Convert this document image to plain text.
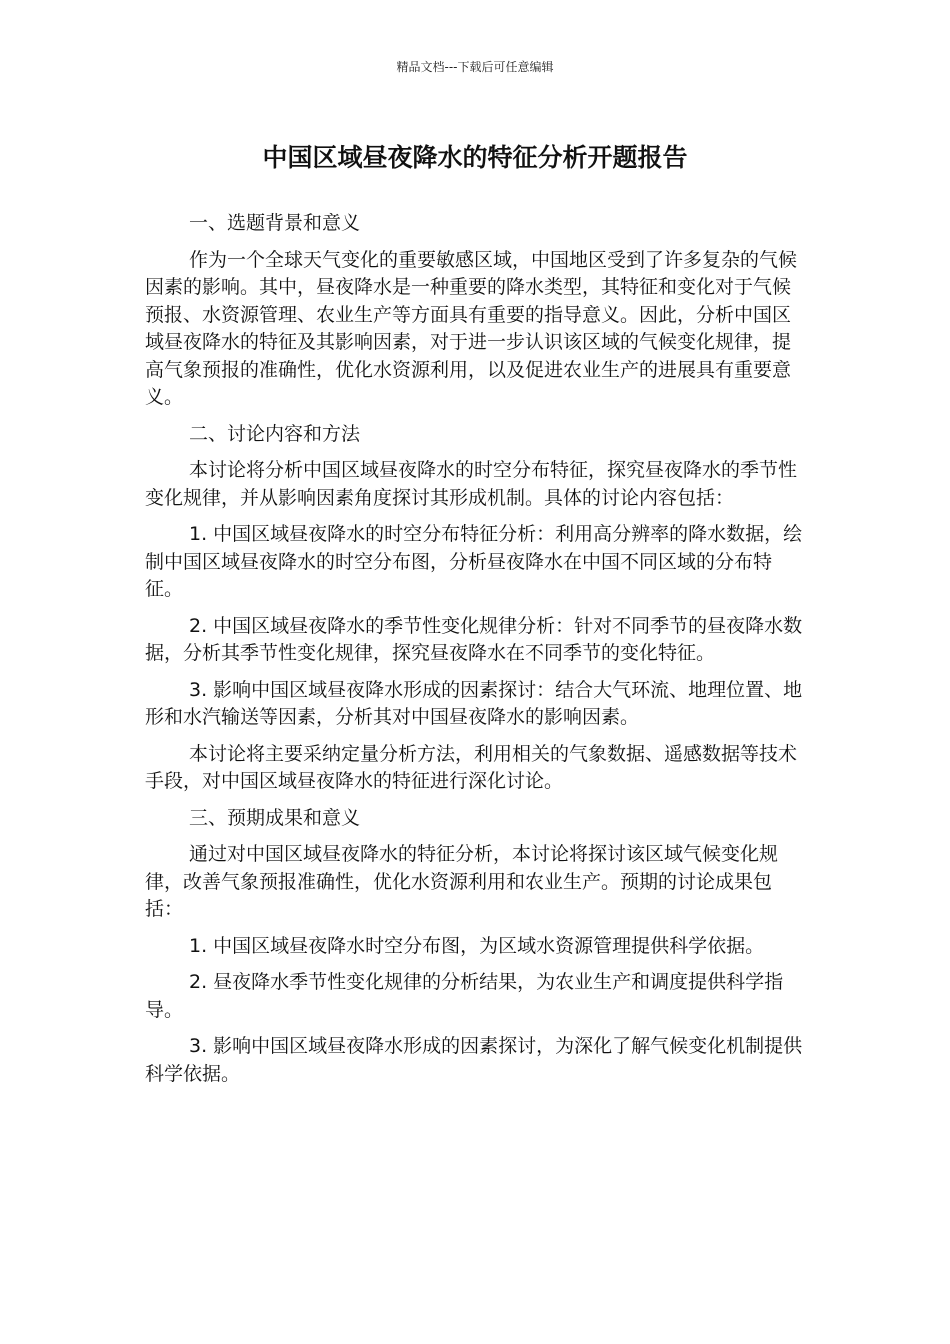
精品文档---下载后可任意编辑
中国区域昼夜降水的特征分析开题报告
一、选题背景和意义
作为一个全球天气变化的重要敏感区域，中国地区受到了许多复杂的气候因素的影响。其中，昼夜降水是一种重要的降水类型，其特征和变化对于气候预报、水资源管理、农业生产等方面具有重要的指导意义。因此，分析中国区域昼夜降水的特征及其影响因素，对于进一步认识该区域的气候变化规律，提高气象预报的准确性，优化水资源利用，以及促进农业生产的进展具有重要意义。
二、讨论内容和方法
本讨论将分析中国区域昼夜降水的时空分布特征，探究昼夜降水的季节性变化规律，并从影响因素角度探讨其形成机制。具体的讨论内容包括：
1. 中国区域昼夜降水的时空分布特征分析：利用高分辨率的降水数据，绘制中国区域昼夜降水的时空分布图，分析昼夜降水在中国不同区域的分布特征。
2. 中国区域昼夜降水的季节性变化规律分析：针对不同季节的昼夜降水数据，分析其季节性变化规律，探究昼夜降水在不同季节的变化特征。
3. 影响中国区域昼夜降水形成的因素探讨：结合大气环流、地理位置、地形和水汽输送等因素，分析其对中国昼夜降水的影响因素。
本讨论将主要采纳定量分析方法，利用相关的气象数据、遥感数据等技术手段，对中国区域昼夜降水的特征进行深化讨论。
三、预期成果和意义
通过对中国区域昼夜降水的特征分析，本讨论将探讨该区域气候变化规律，改善气象预报准确性，优化水资源利用和农业生产。预期的讨论成果包括：
1. 中国区域昼夜降水时空分布图，为区域水资源管理提供科学依据。
2. 昼夜降水季节性变化规律的分析结果，为农业生产和调度提供科学指导。
3. 影响中国区域昼夜降水形成的因素探讨，为深化了解气候变化机制提供科学依据。
